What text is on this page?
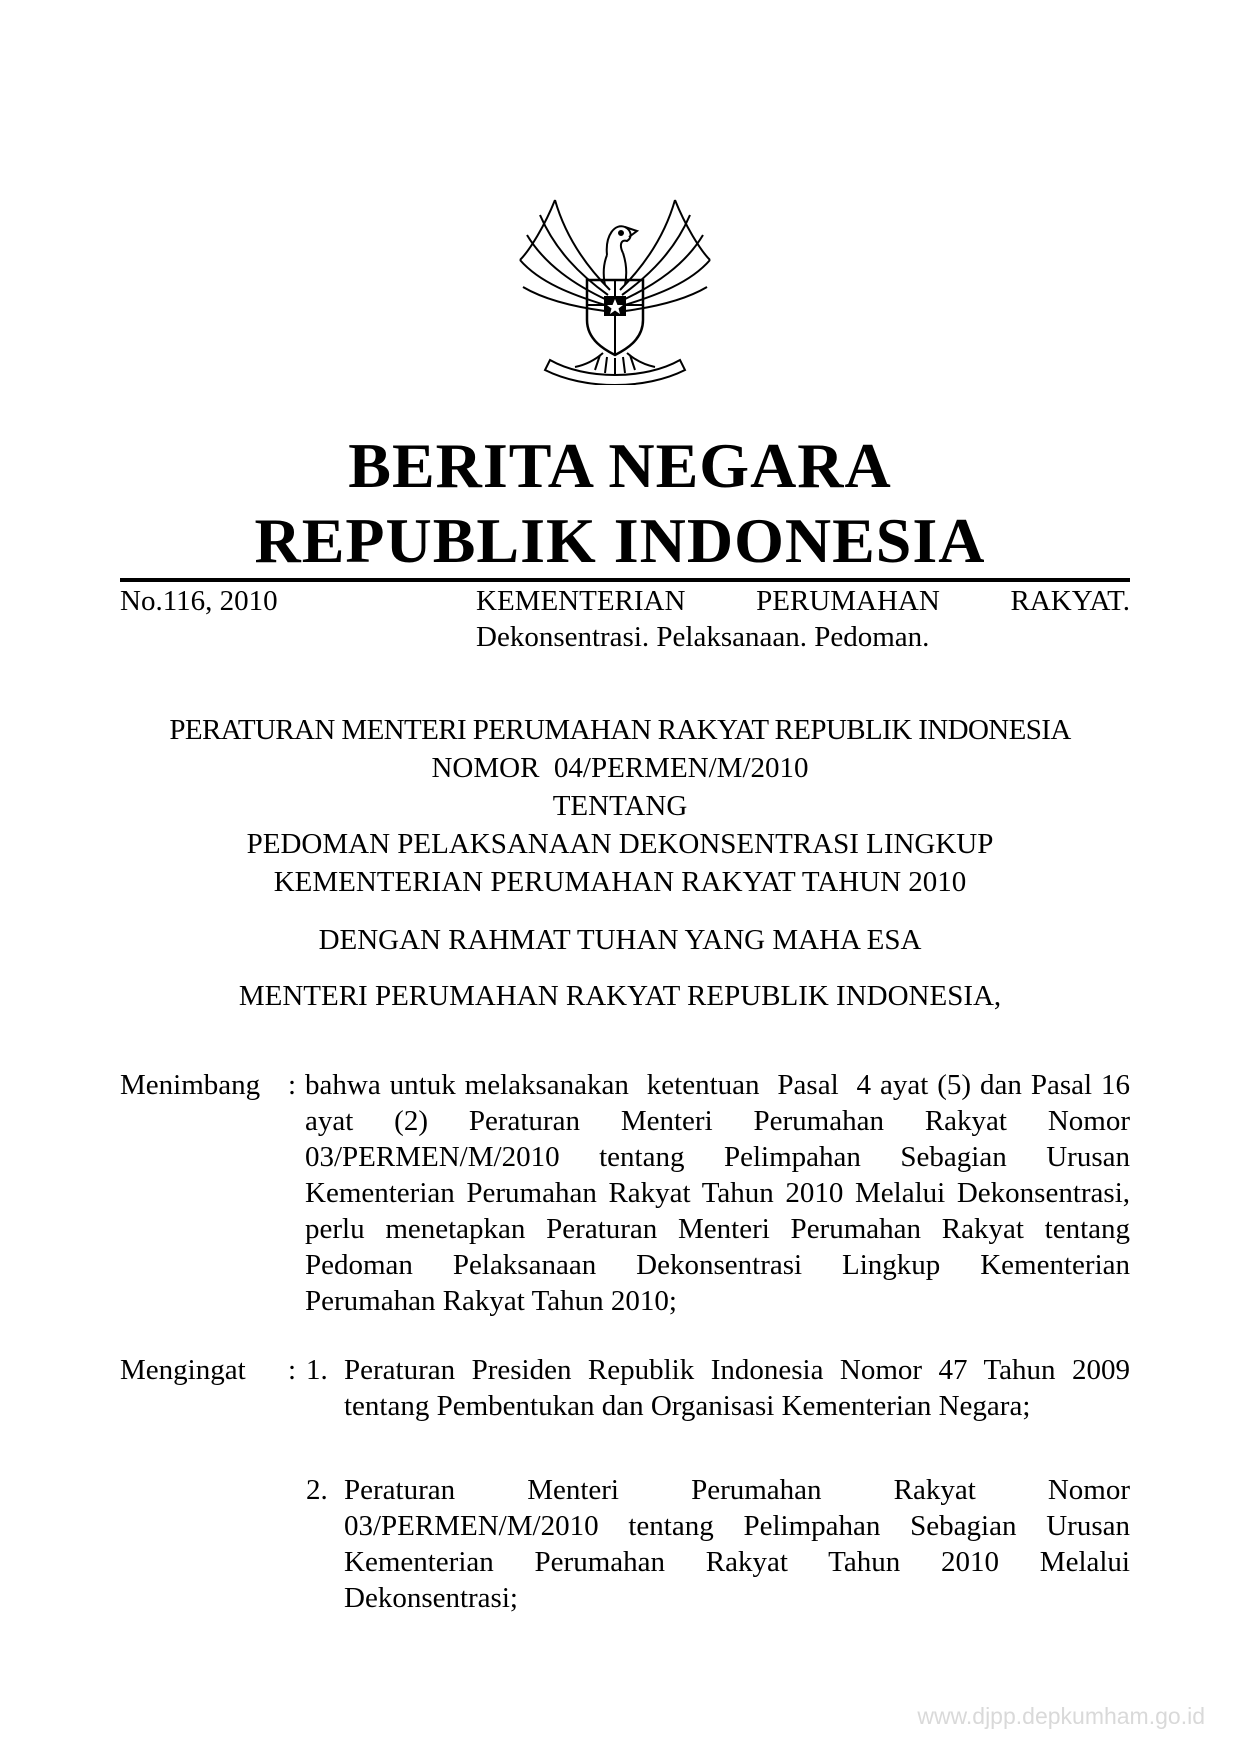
BERITA NEGARA
REPUBLIK INDONESIA
No.116, 2010	KEMENTERIAN PERUMAHAN RAKYAT.
Dekonsentrasi. Pelaksanaan. Pedoman.
PERATURAN MENTERI PERUMAHAN RAKYAT REPUBLIK INDONESIA
NOMOR  04/PERMEN/M/2010
TENTANG
PEDOMAN PELAKSANAAN DEKONSENTRASI LINGKUP
KEMENTERIAN PERUMAHAN RAKYAT TAHUN 2010
DENGAN RAHMAT TUHAN YANG MAHA ESA
MENTERI PERUMAHAN RAKYAT REPUBLIK INDONESIA,
Menimbang : bahwa untuk melaksanakan  ketentuan  Pasal  4 ayat (5) dan Pasal 16 ayat (2) Peraturan Menteri Perumahan Rakyat Nomor 03/PERMEN/M/2010 tentang Pelimpahan Sebagian Urusan Kementerian Perumahan Rakyat Tahun 2010 Melalui Dekonsentrasi, perlu menetapkan Peraturan Menteri Perumahan Rakyat tentang Pedoman Pelaksanaan Dekonsentrasi Lingkup Kementerian Perumahan Rakyat Tahun 2010;
Mengingat : 1. Peraturan Presiden Republik Indonesia Nomor 47 Tahun 2009 tentang Pembentukan dan Organisasi Kementerian Negara;
2. Peraturan Menteri Perumahan Rakyat Nomor 03/PERMEN/M/2010 tentang Pelimpahan Sebagian Urusan Kementerian Perumahan Rakyat Tahun 2010 Melalui Dekonsentrasi;
www.djpp.depkumham.go.id
